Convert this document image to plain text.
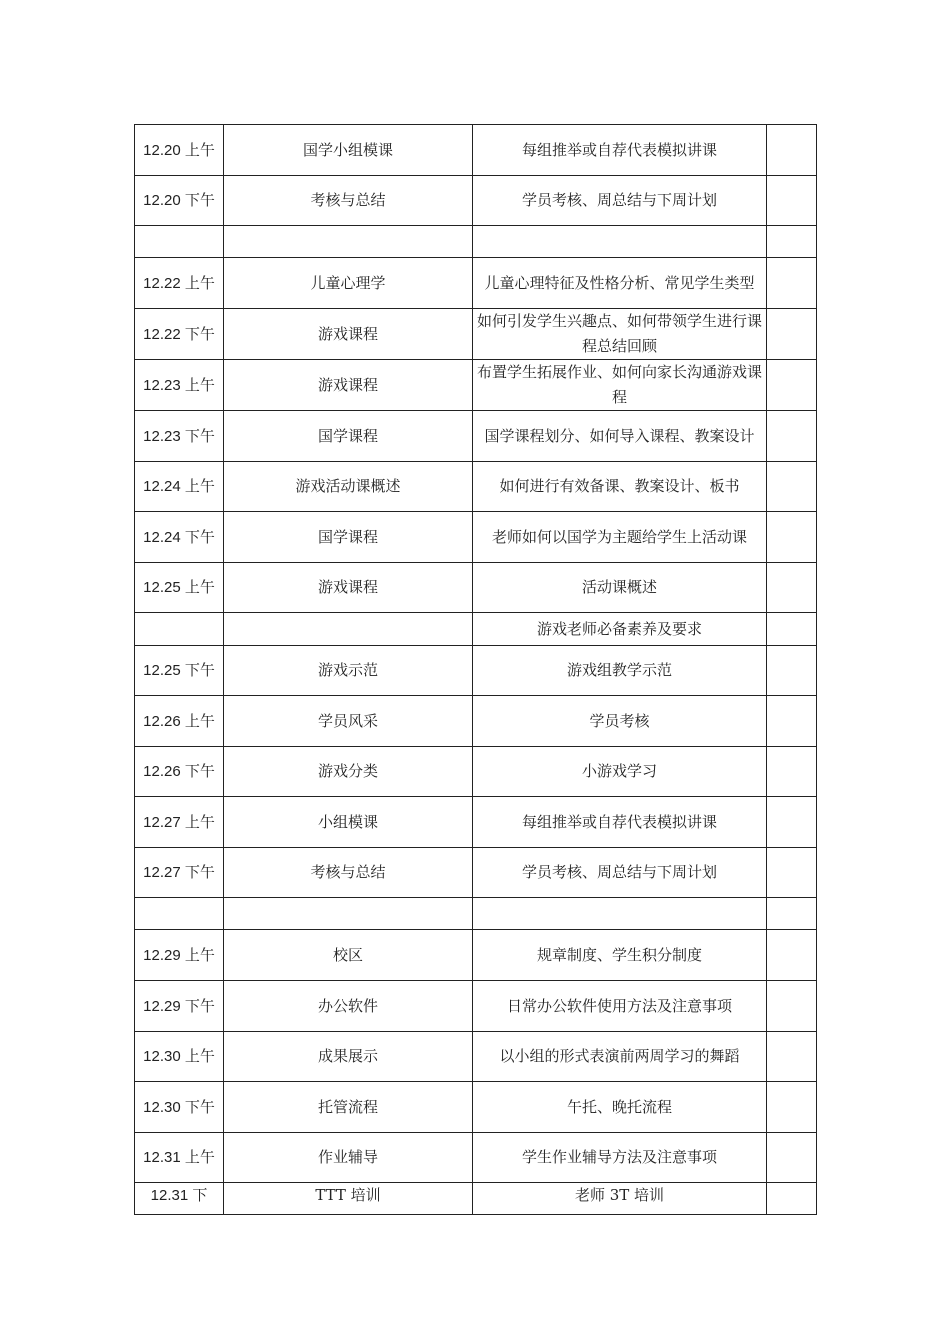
12.20 上午	国学小组模课	每组推举或自荐代表模拟讲课	
12.20 下午	考核与总结	学员考核、周总结与下周计划	

12.22 上午	儿童心理学	儿童心理特征及性格分析、常见学生类型	
12.22 下午	游戏课程	如何引发学生兴趣点、如何带领学生进行课程总结回顾	
12.23 上午	游戏课程	布置学生拓展作业、如何向家长沟通游戏课程	
12.23 下午	国学课程	国学课程划分、如何导入课程、教案设计	
12.24 上午	游戏活动课概述	如何进行有效备课、教案设计、板书	
12.24 下午	国学课程	老师如何以国学为主题给学生上活动课	
12.25 上午	游戏课程	活动课概述	
		游戏老师必备素养及要求	
12.25 下午	游戏示范	游戏组教学示范	
12.26 上午	学员风采	学员考核	
12.26 下午	游戏分类	小游戏学习	
12.27 上午	小组模课	每组推举或自荐代表模拟讲课	
12.27 下午	考核与总结	学员考核、周总结与下周计划	

12.29 上午	校区	规章制度、学生积分制度	
12.29 下午	办公软件	日常办公软件使用方法及注意事项	
12.30 上午	成果展示	以小组的形式表演前两周学习的舞蹈	
12.30 下午	托管流程	午托、晚托流程	
12.31 上午	作业辅导	学生作业辅导方法及注意事项	
12.31 下	TTT 培训	老师 3T 培训	
